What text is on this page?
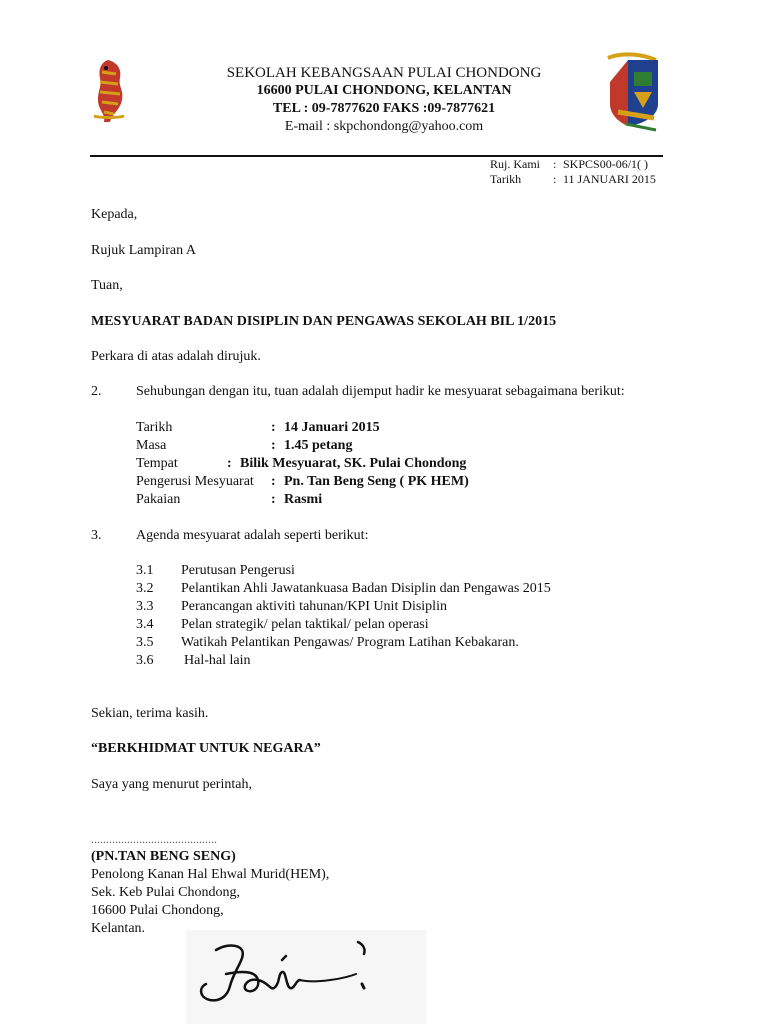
SEKOLAH KEBANGSAAN PULAI CHONDONG
16600 PULAI CHONDONG, KELANTAN
TEL : 09-7877620 FAKS :09-7877621
E-mail : skpchondong@yahoo.com
Ruj. Kami : SKPCS00-06/1( )
Tarikh	: 11 JANUARI 2015
Kepada,
Rujuk Lampiran A
Tuan,
MESYUARAT BADAN DISIPLIN DAN PENGAWAS SEKOLAH BIL 1/2015
Perkara di atas adalah dirujuk.
2. Sehubungan dengan itu, tuan adalah dijemput hadir ke mesyuarat sebagaimana berikut:
Tarikh	: 14 Januari 2015
Masa	: 1.45 petang
Tempat	: Bilik Mesyuarat, SK. Pulai Chondong
Pengerusi Mesyuarat : Pn. Tan Beng Seng ( PK HEM)
Pakaian	: Rasmi
3. Agenda mesyuarat adalah seperti berikut:
3.1 Perutusan Pengerusi
3.2 Pelantikan Ahli Jawatankuasa Badan Disiplin dan Pengawas 2015
3.3 Perancangan aktiviti tahunan/KPI Unit Disiplin
3.4 Pelan strategik/ pelan taktikal/ pelan operasi
3.5 Watikah Pelantikan Pengawas/ Program Latihan Kebakaran.
3.6 Hal-hal lain
Sekian, terima kasih.
“BERKHIDMAT UNTUK NEGARA”
Saya yang menurut perintah,
..........................................
(PN.TAN BENG SENG)
Penolong Kanan Hal Ehwal Murid(HEM),
Sek. Keb Pulai Chondong,
16600 Pulai Chondong,
Kelantan.
